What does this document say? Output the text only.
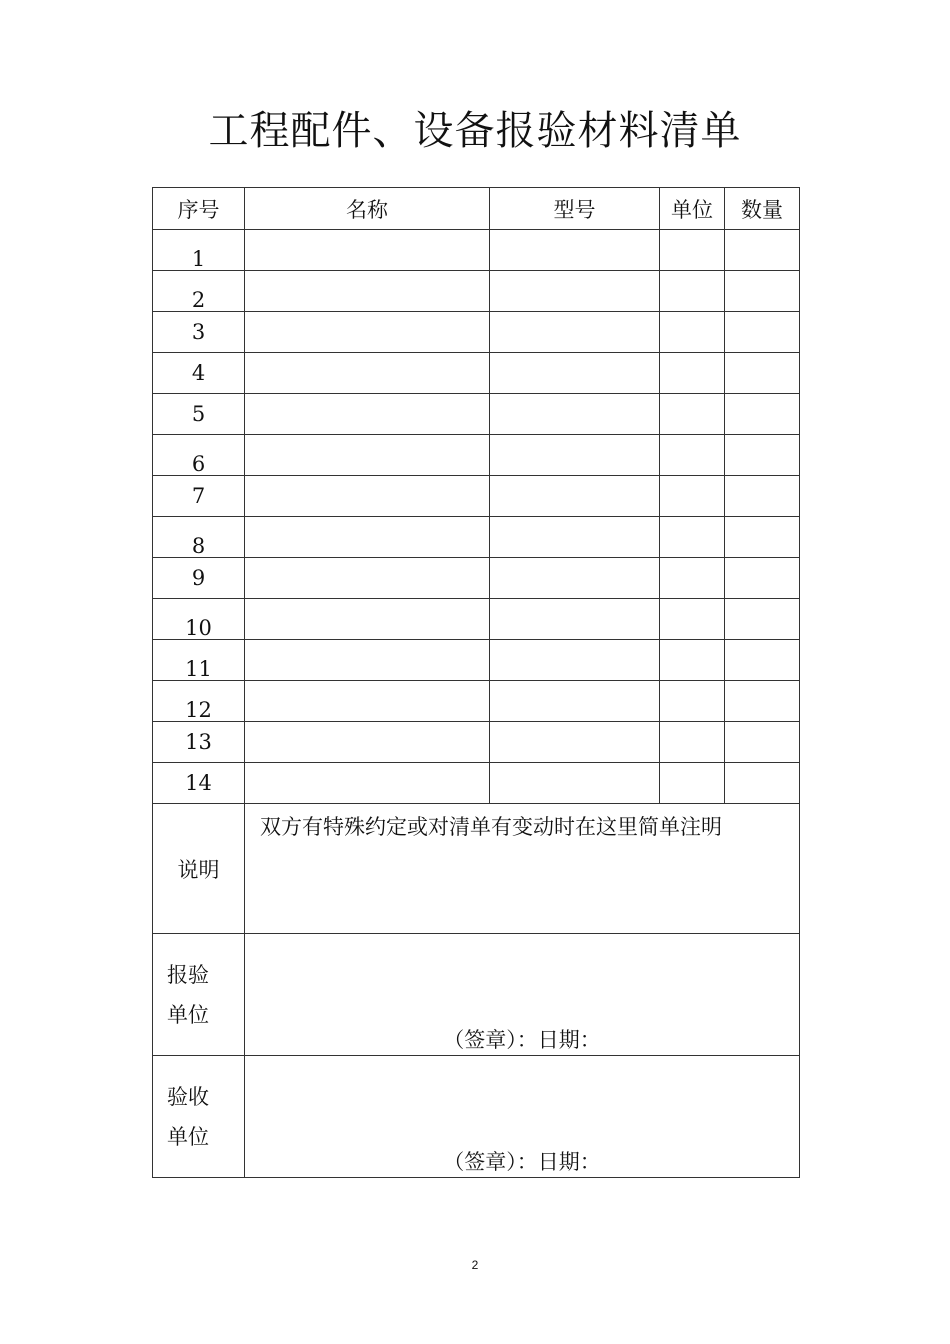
工程配件、设备报验材料清单
序号	名称	型号	单位	数量
1				
2				
3				
4				
5				
6				
7				
8				
9				
10				
11				
12				
13				
14				
说明	双方有特殊约定或对清单有变动时在这里简单注明			
报验
单位	（签章）：日期：			
验收
单位	（签章）：日期：			
2
